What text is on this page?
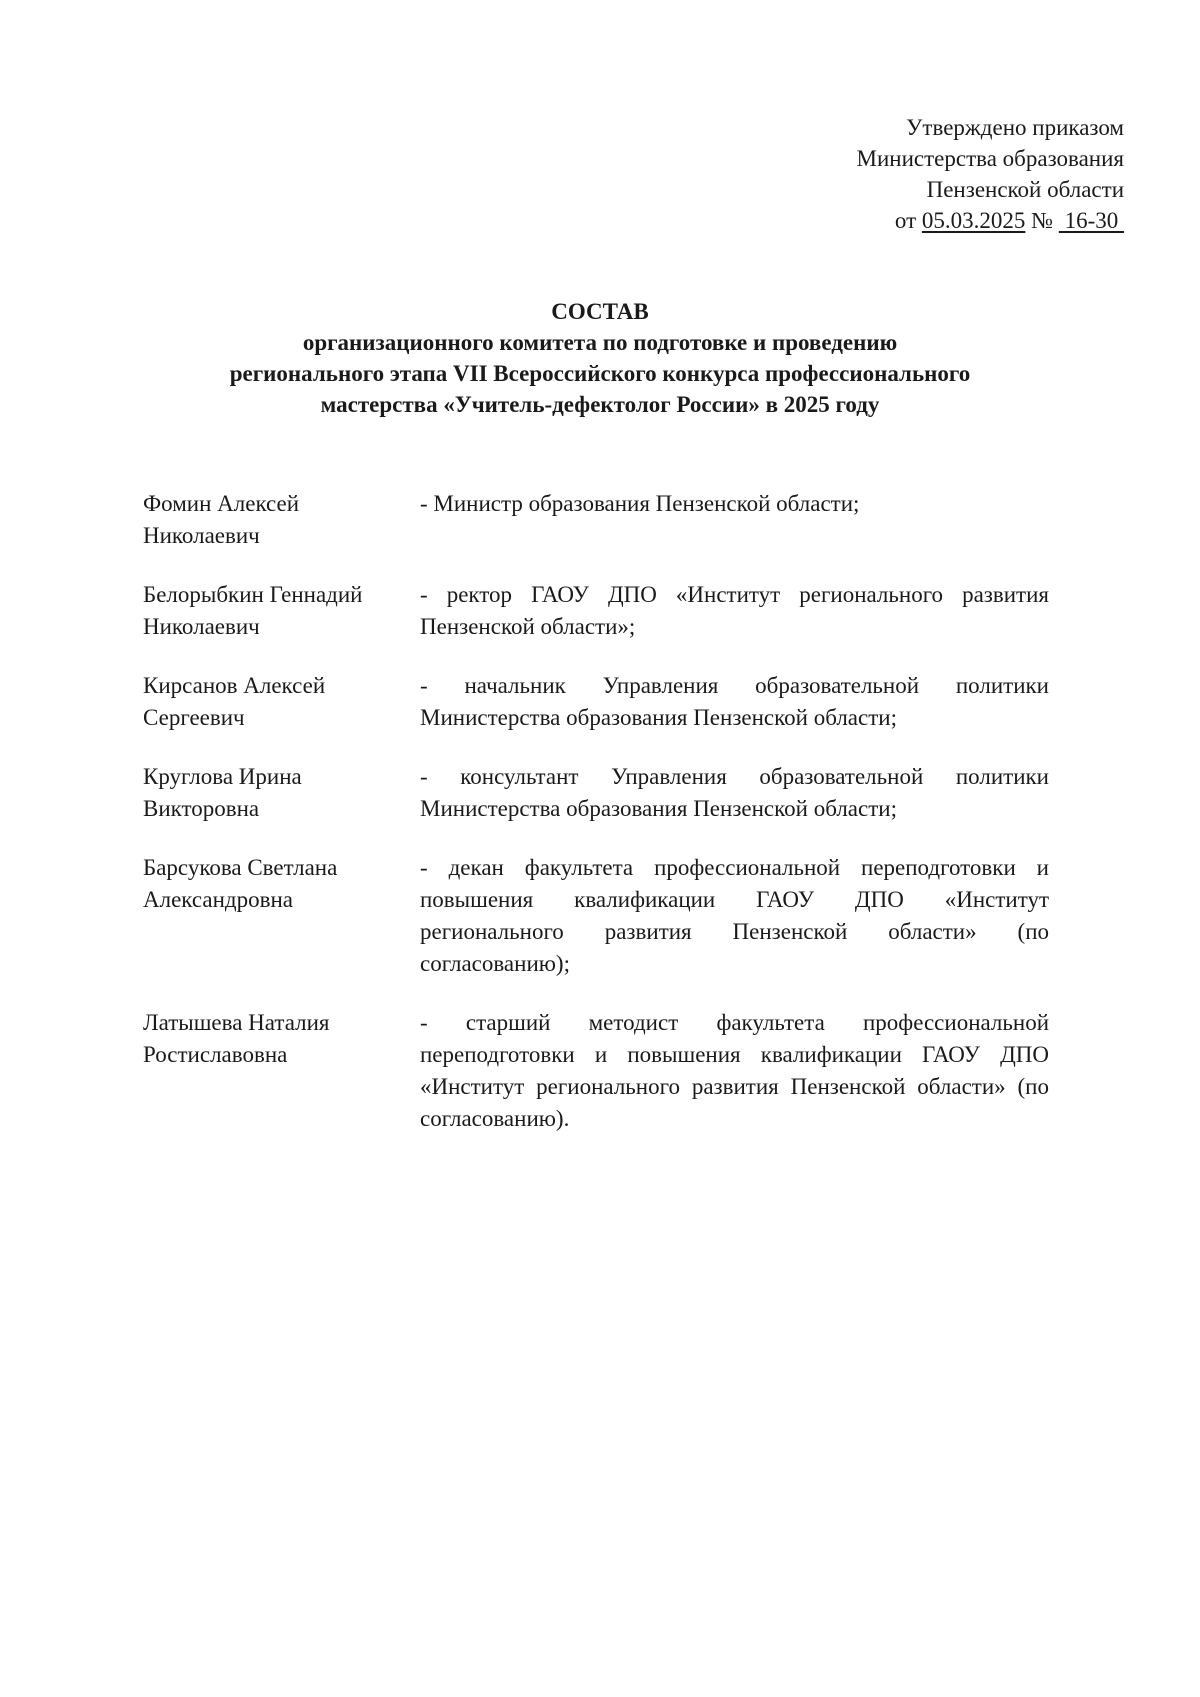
Утверждено приказом
Министерства образования
Пензенской области
от 05.03.2025 №  16-30
СОСТАВ
организационного комитета по подготовке и проведению
регионального этапа VII Всероссийского конкурса профессионального
мастерства «Учитель-дефектолог России» в 2025 году
Фомин Алексей
Николаевич
- Министр образования Пензенской области;
Белорыбкин Геннадий
Николаевич
- ректор ГАОУ ДПО «Институт регионального развития Пензенской области»;
Кирсанов Алексей
Сергеевич
- начальник Управления образовательной политики Министерства образования Пензенской области;
Круглова Ирина
Викторовна
- консультант Управления образовательной политики Министерства образования Пензенской области;
Барсукова Светлана
Александровна
- декан факультета профессиональной переподготовки и повышения квалификации ГАОУ ДПО «Институт регионального развития Пензенской области» (по согласованию);
Латышева Наталия
Ростиславовна
- старший методист факультета профессиональной переподготовки и повышения квалификации ГАОУ ДПО «Институт регионального развития Пензенской области» (по согласованию).
